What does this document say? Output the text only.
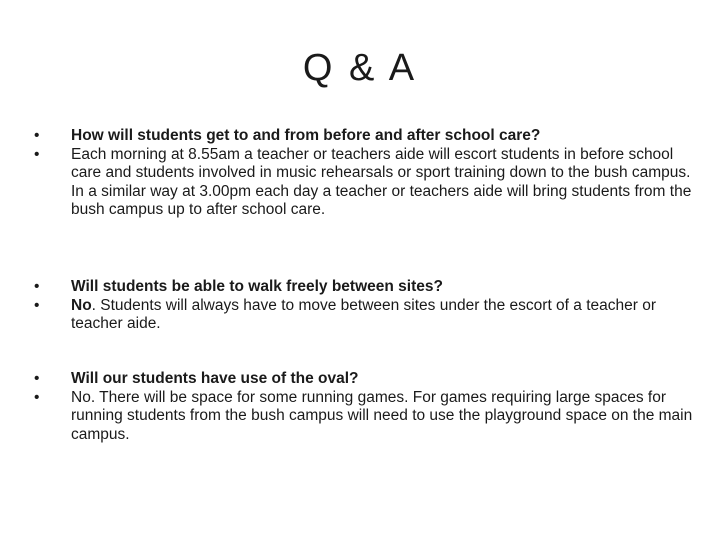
Q & A
•	How will students get to and from before and after school care?
•	Each morning at 8.55am a teacher or teachers aide will escort students in before school care and students involved in music rehearsals or sport training down to the bush campus. In a similar way at 3.00pm each day a teacher or teachers aide will bring students from the bush campus up to after school care.
•	Will students be able to walk freely between sites?
•	No. Students will always have to move between sites under the escort of a teacher or teacher aide.
•	Will our students have use of the oval?
•	No. There will be space for some running games. For games requiring large spaces for running students from the bush campus will need to use the playground space on the main campus.
